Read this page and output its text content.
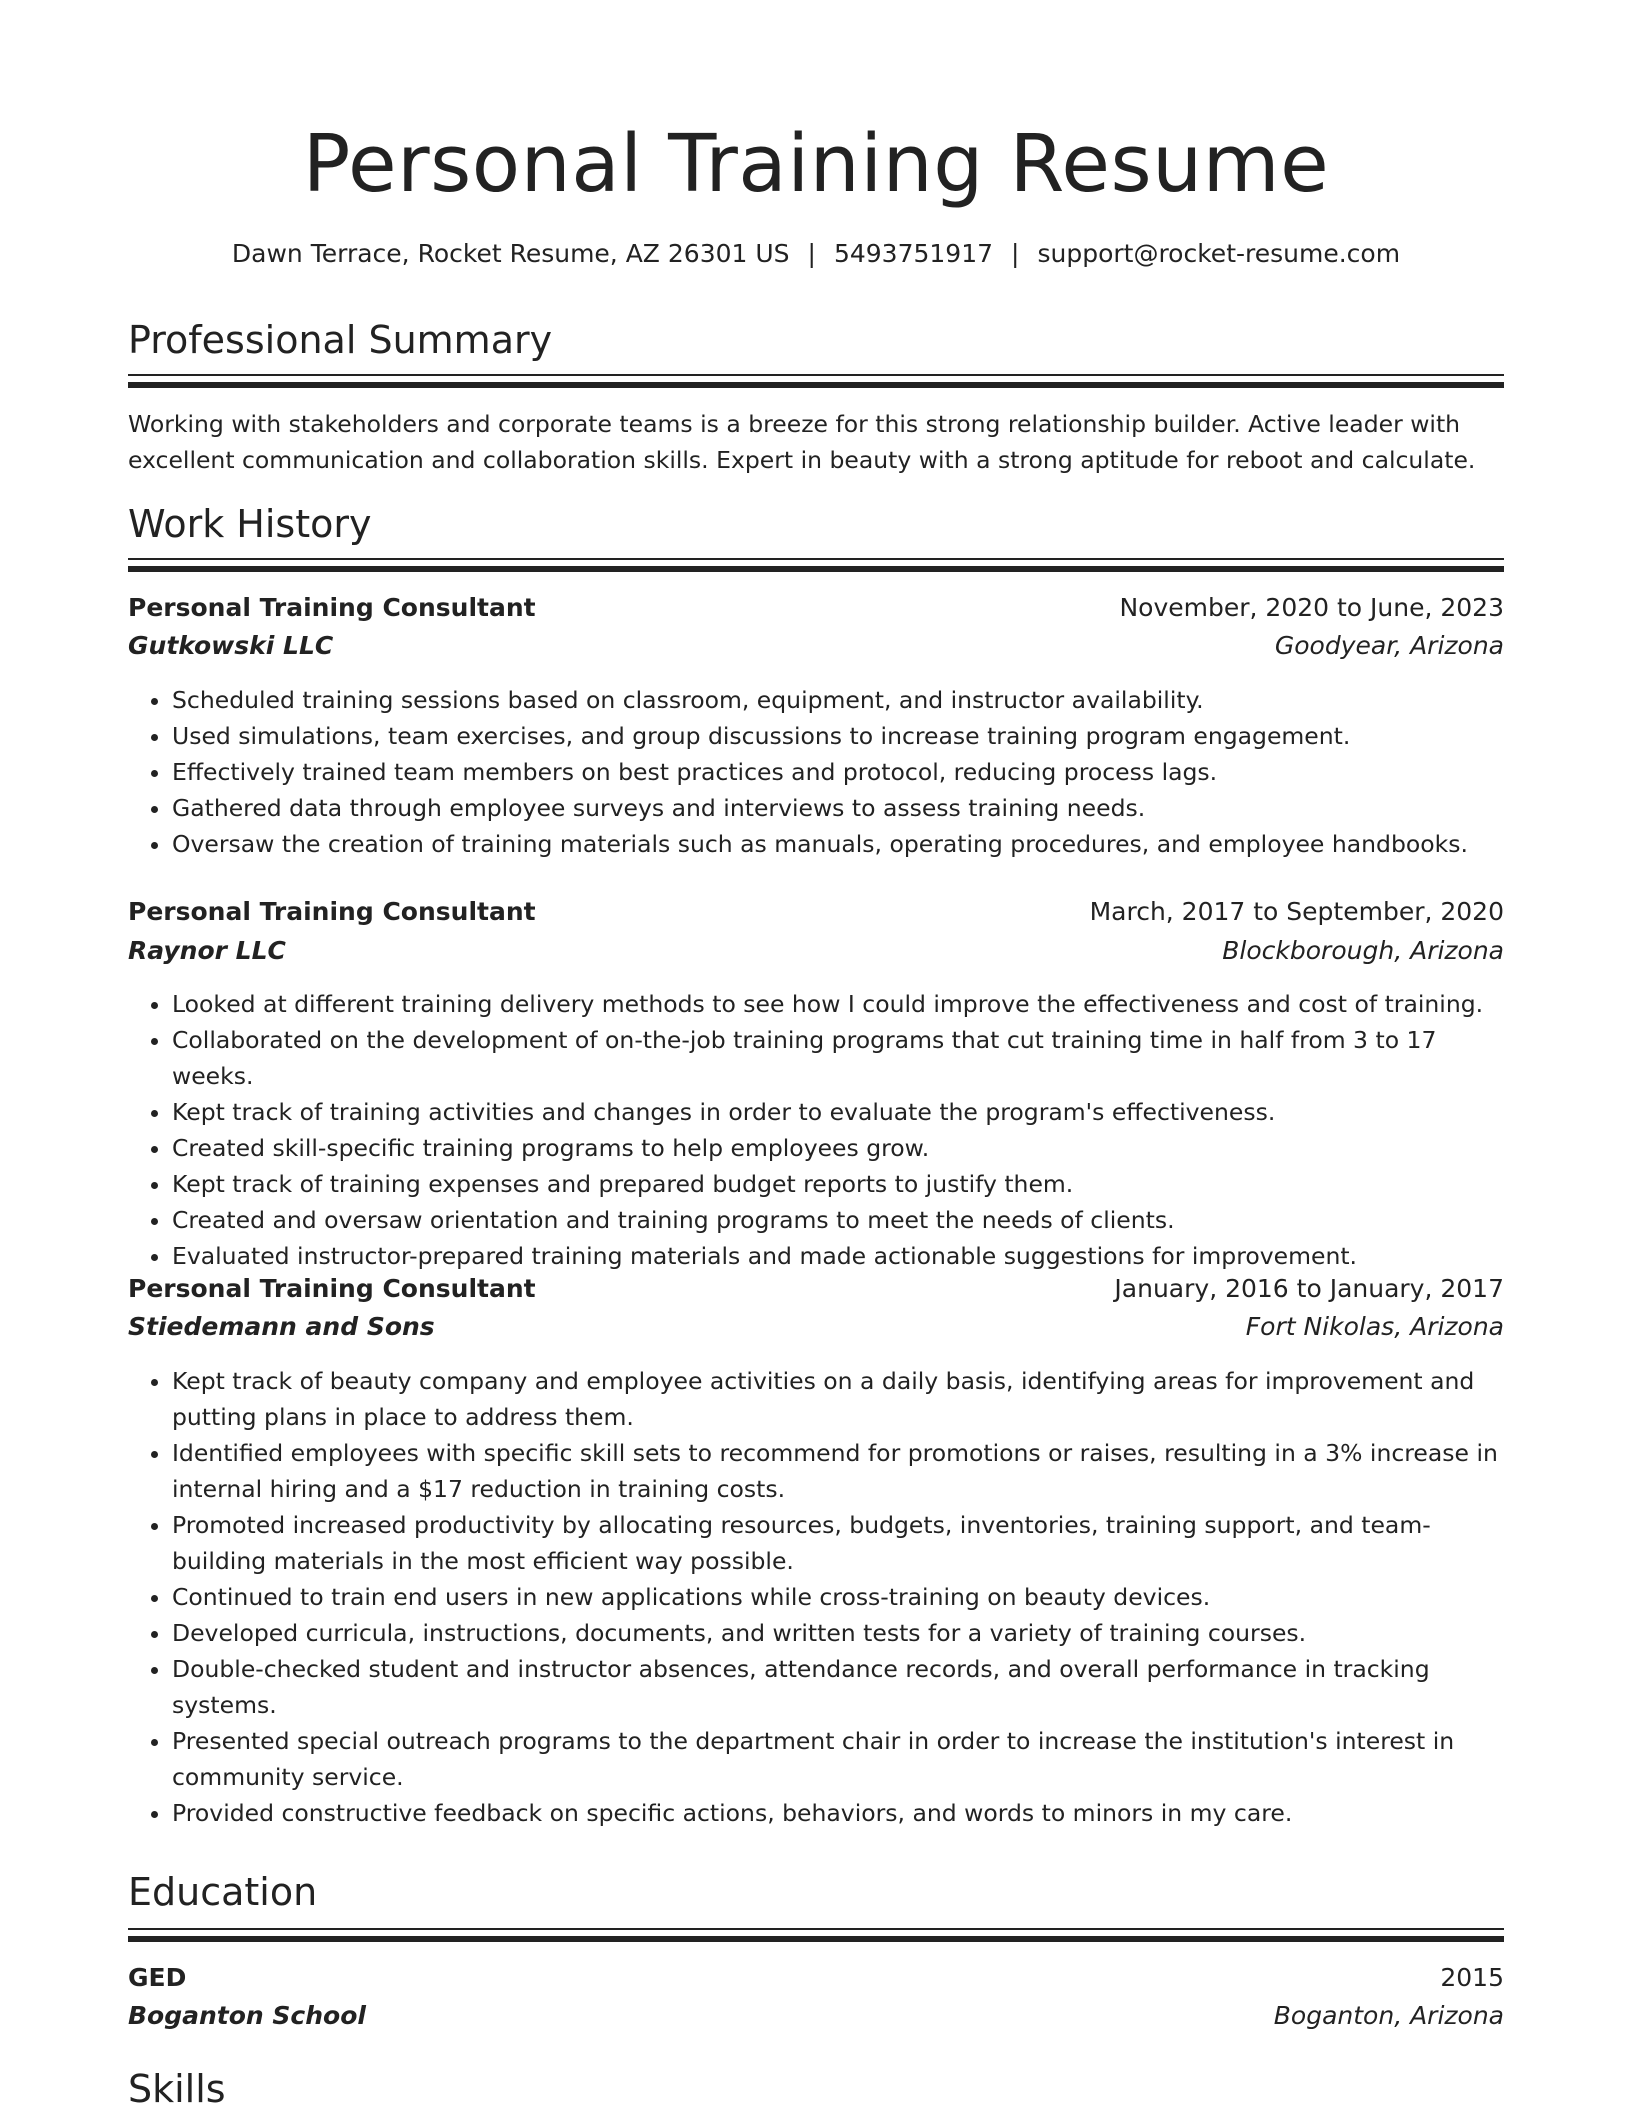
Personal Training Resume
Dawn Terrace, Rocket Resume, AZ 26301 US | 5493751917 | support@rocket-resume.com
Professional Summary
Working with stakeholders and corporate teams is a breeze for this strong relationship builder. Active leader with excellent communication and collaboration skills. Expert in beauty with a strong aptitude for reboot and calculate.
Work History
Personal Training Consultant	November, 2020 to June, 2023
Gutkowski LLC	Goodyear, Arizona
• Scheduled training sessions based on classroom, equipment, and instructor availability.
• Used simulations, team exercises, and group discussions to increase training program engagement.
• Effectively trained team members on best practices and protocol, reducing process lags.
• Gathered data through employee surveys and interviews to assess training needs.
• Oversaw the creation of training materials such as manuals, operating procedures, and employee handbooks.
Personal Training Consultant	March, 2017 to September, 2020
Raynor LLC	Blockborough, Arizona
• Looked at different training delivery methods to see how I could improve the effectiveness and cost of training.
• Collaborated on the development of on-the-job training programs that cut training time in half from 3 to 17 weeks.
• Kept track of training activities and changes in order to evaluate the program's effectiveness.
• Created skill-specific training programs to help employees grow.
• Kept track of training expenses and prepared budget reports to justify them.
• Created and oversaw orientation and training programs to meet the needs of clients.
• Evaluated instructor-prepared training materials and made actionable suggestions for improvement.
Personal Training Consultant	January, 2016 to January, 2017
Stiedemann and Sons	Fort Nikolas, Arizona
• Kept track of beauty company and employee activities on a daily basis, identifying areas for improvement and putting plans in place to address them.
• Identified employees with specific skill sets to recommend for promotions or raises, resulting in a 3% increase in internal hiring and a $17 reduction in training costs.
• Promoted increased productivity by allocating resources, budgets, inventories, training support, and team-building materials in the most efficient way possible.
• Continued to train end users in new applications while cross-training on beauty devices.
• Developed curricula, instructions, documents, and written tests for a variety of training courses.
• Double-checked student and instructor absences, attendance records, and overall performance in tracking systems.
• Presented special outreach programs to the department chair in order to increase the institution's interest in community service.
• Provided constructive feedback on specific actions, behaviors, and words to minors in my care.
Education
GED	2015
Boganton School	Boganton, Arizona
Skills
